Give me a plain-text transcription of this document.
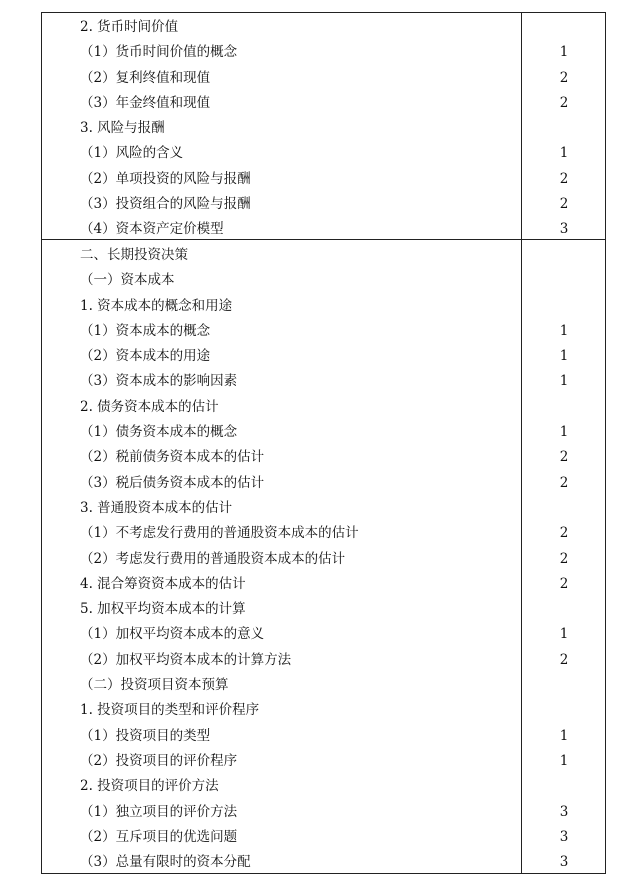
2. 货币时间价值
（1）货币时间价值的概念	1
（2）复利终值和现值	2
（3）年金终值和现值	2
3. 风险与报酬
（1）风险的含义	1
（2）单项投资的风险与报酬	2
（3）投资组合的风险与报酬	2
（4）资本资产定价模型	3
二、长期投资决策
（一）资本成本
1. 资本成本的概念和用途
（1）资本成本的概念	1
（2）资本成本的用途	1
（3）资本成本的影响因素	1
2. 债务资本成本的估计
（1）债务资本成本的概念	1
（2）税前债务资本成本的估计	2
（3）税后债务资本成本的估计	2
3. 普通股资本成本的估计
（1）不考虑发行费用的普通股资本成本的估计	2
（2）考虑发行费用的普通股资本成本的估计	2
4. 混合筹资资本成本的估计	2
5. 加权平均资本成本的计算
（1）加权平均资本成本的意义	1
（2）加权平均资本成本的计算方法	2
（二）投资项目资本预算
1. 投资项目的类型和评价程序
（1）投资项目的类型	1
（2）投资项目的评价程序	1
2. 投资项目的评价方法
（1）独立项目的评价方法	3
（2）互斥项目的优选问题	3
（3）总量有限时的资本分配	3
